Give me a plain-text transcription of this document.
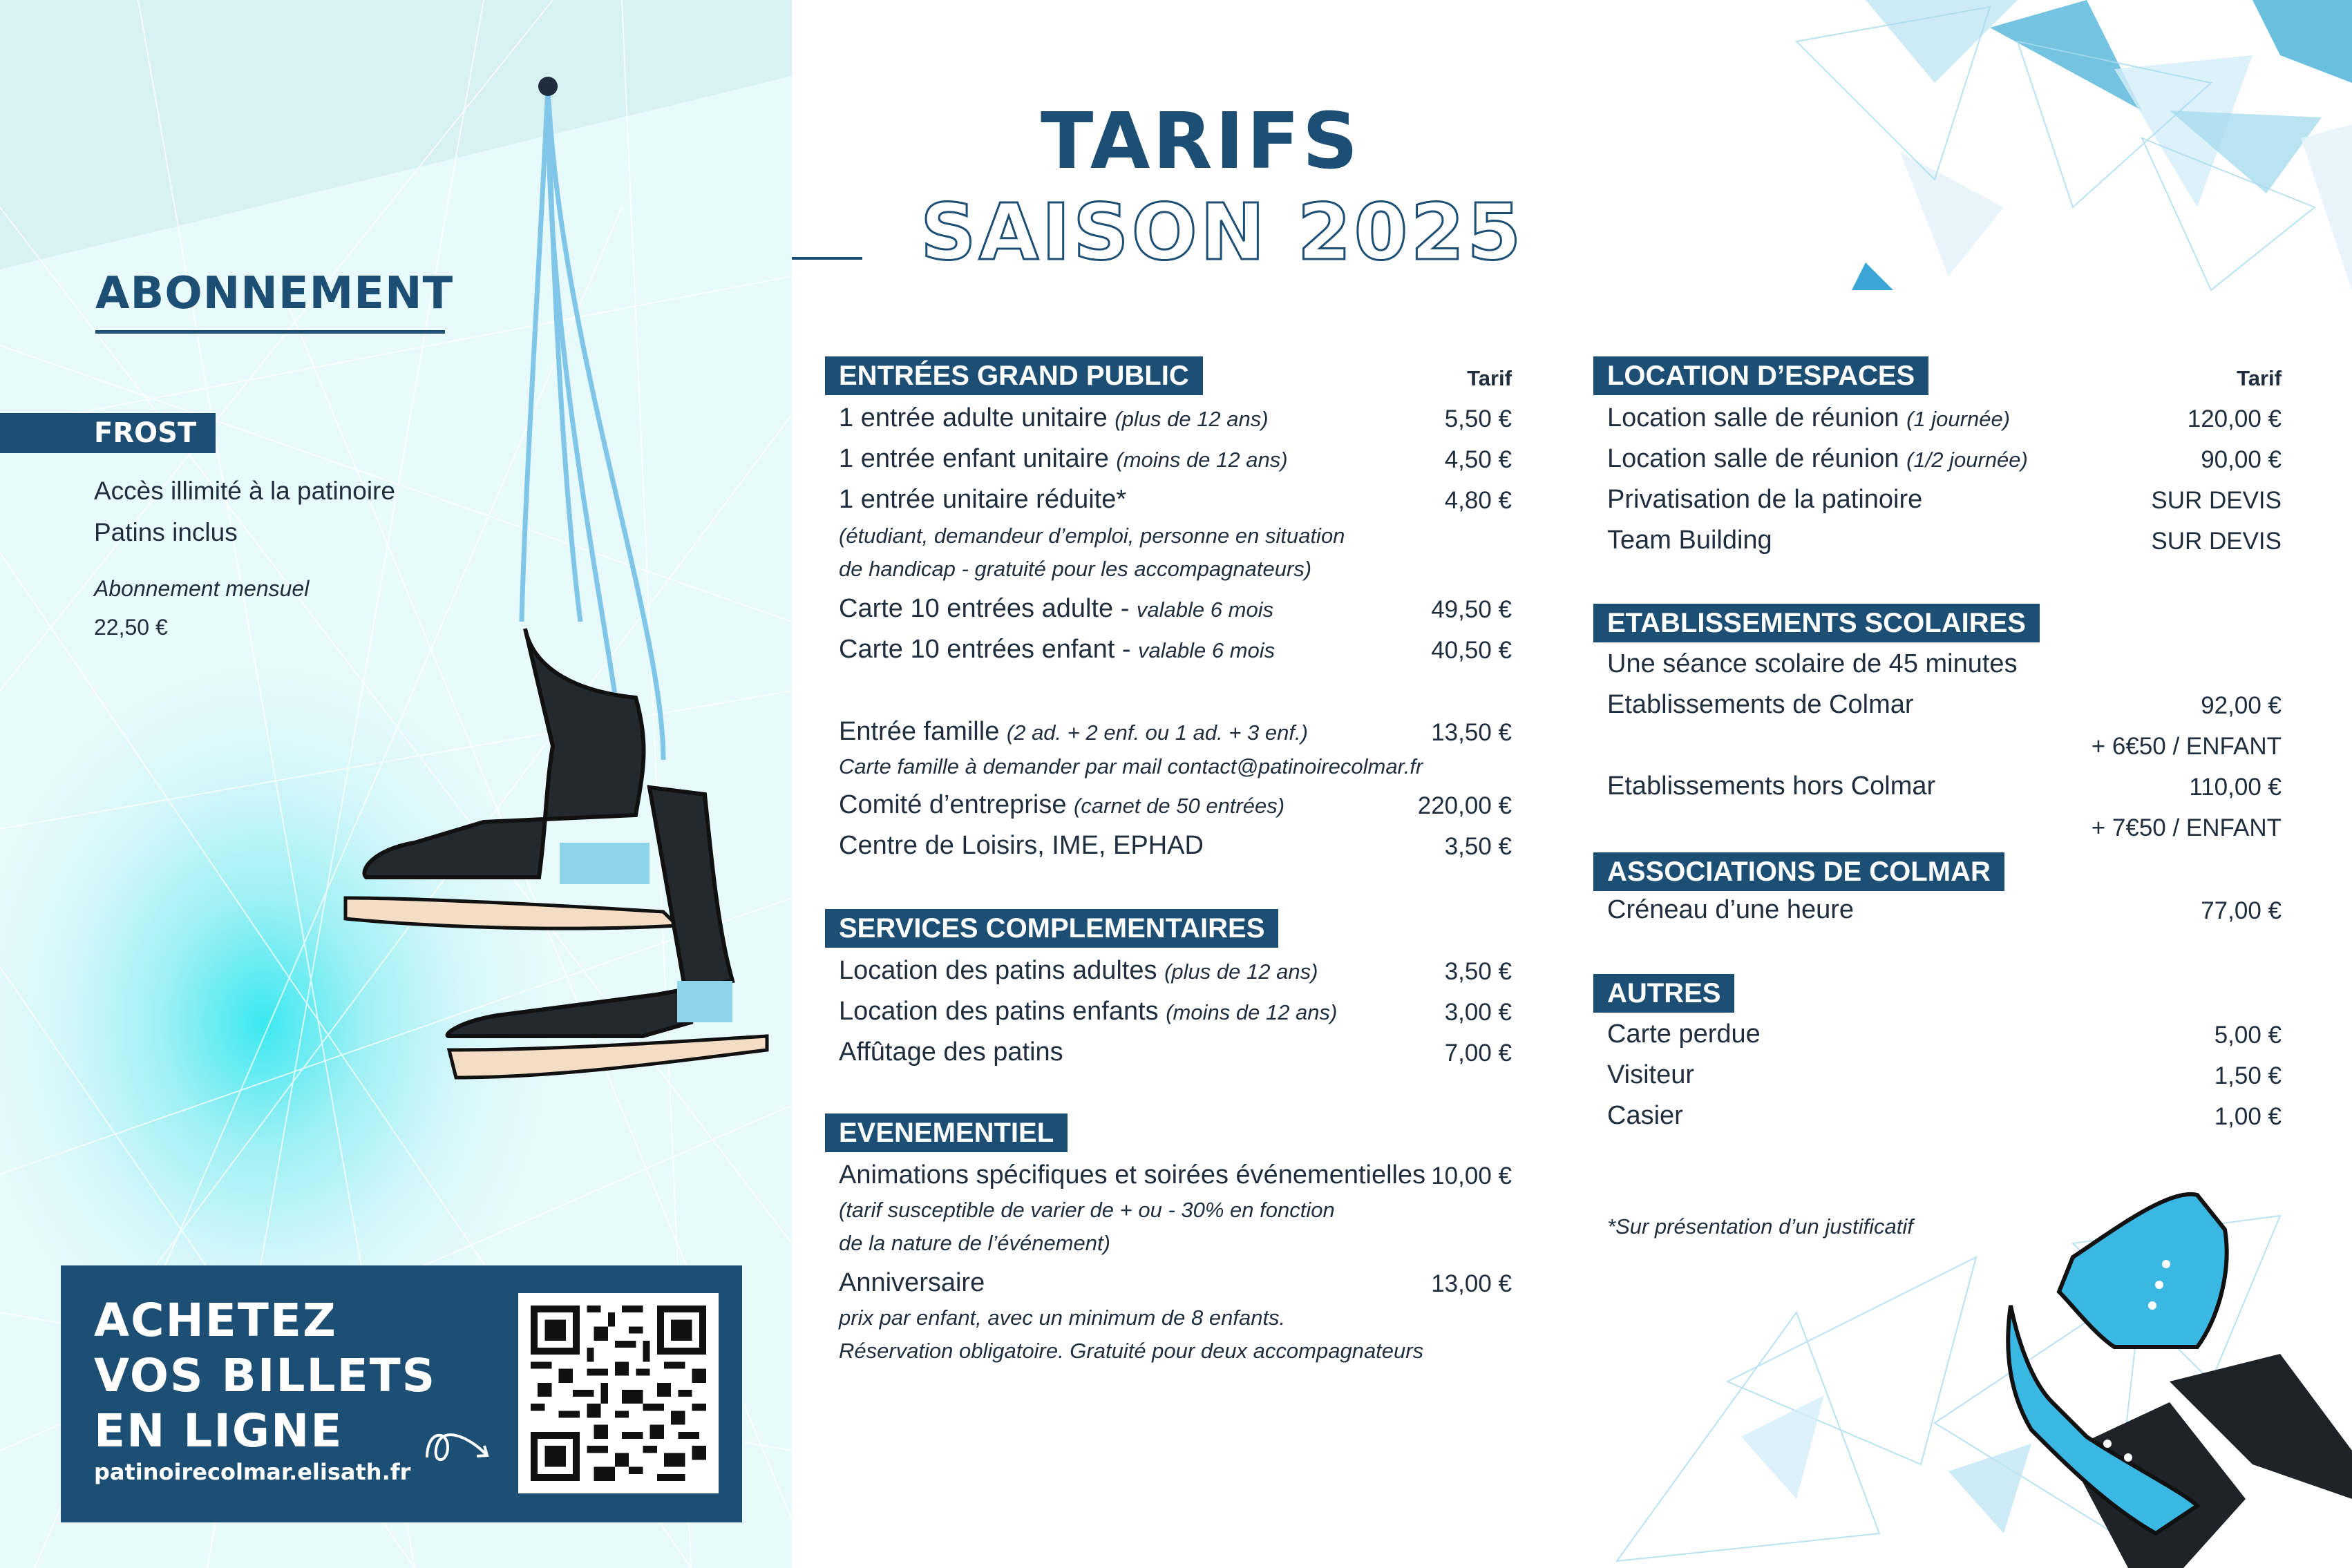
ABONNEMENT
FROST
Accès illimité à la patinoire
Patins inclus
Abonnement mensuel
22,50 €
ACHETEZ
VOS BILLETS
EN LIGNE
patinoirecolmar.elisath.fr
TARIFS
SAISON 2025
ENTRÉES GRAND PUBLIC	Tarif
1 entrée adulte unitaire (plus de 12 ans)	5,50 €
1 entrée enfant unitaire (moins de 12 ans)	4,50 €
1 entrée unitaire réduite*	4,80 €
(étudiant, demandeur d’emploi, personne en situation
de handicap - gratuité pour les accompagnateurs)
Carte 10 entrées adulte - valable 6 mois	49,50 €
Carte 10 entrées enfant - valable 6 mois	40,50 €
Entrée famille (2 ad. + 2 enf. ou 1 ad. + 3 enf.)	13,50 €
Carte famille à demander par mail contact@patinoirecolmar.fr
Comité d’entreprise (carnet de 50 entrées)	220,00 €
Centre de Loisirs, IME, EPHAD	3,50 €
SERVICES COMPLEMENTAIRES
Location des patins adultes (plus de 12 ans)	3,50 €
Location des patins enfants (moins de 12 ans)	3,00 €
Affûtage des patins	7,00 €
EVENEMENTIEL
Animations spécifiques et soirées événementielles 10,00 €
(tarif susceptible de varier de + ou - 30% en fonction
de la nature de l’événement)
Anniversaire	13,00 €
prix par enfant, avec un minimum de 8 enfants.
Réservation obligatoire. Gratuité pour deux accompagnateurs
LOCATION D’ESPACES	Tarif
Location salle de réunion (1 journée)	120,00 €
Location salle de réunion (1/2 journée)	90,00 €
Privatisation de la patinoire	SUR DEVIS
Team Building	SUR DEVIS
ETABLISSEMENTS SCOLAIRES
Une séance scolaire de 45 minutes
Etablissements de Colmar	92,00 €
+ 6€50 / ENFANT
Etablissements hors Colmar	110,00 €
+ 7€50 / ENFANT
ASSOCIATIONS DE COLMAR
Créneau d’une heure	77,00 €
AUTRES
Carte perdue	5,00 €
Visiteur	1,50 €
Casier	1,00 €
*Sur présentation d’un justificatif
